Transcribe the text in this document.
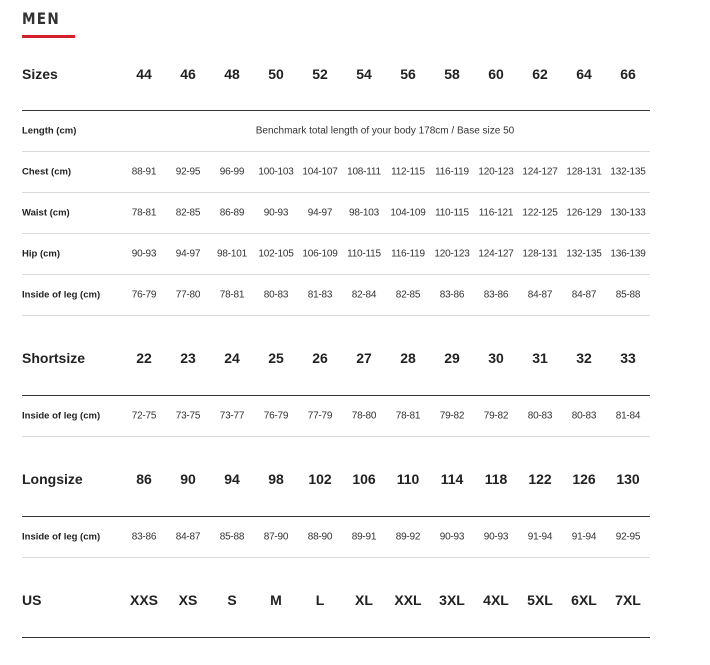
MEN
Sizes	44	46	48	50	52	54	56	58	60	62	64	66
Length (cm)	Benchmark total length of your body 178cm / Base size 50
Chest (cm)	88-91	92-95	96-99	100-103 104-107 108-111	112-115	116-119 120-123 124-127 128-131 132-135
Waist (cm)	78-81	82-85	86-89	90-93	94-97	98-103	104-109 110-115 116-121 122-125 126-129 130-133
Hip (cm)	90-93	94-97	98-101	102-105 106-109 110-115	116-119 120-123 124-127 128-131 132-135 136-139
Inside of leg (cm)	76-79	77-80	78-81	80-83	81-83	82-84	82-85	83-86	83-86	84-87	84-87	85-88
Shortsize	22	23	24	25	26	27	28	29	30	31	32	33
Inside of leg (cm)	72-75	73-75	73-77	76-79	77-79	78-80	78-81	79-82	79-82	80-83	80-83	81-84
Longsize	86	90	94	98	102	106	110	114	118	122	126	130
Inside of leg (cm)	83-86	84-87	85-88	87-90	88-90	89-91	89-92	90-93	90-93	91-94	91-94	92-95
US	XXS	XS	S	M	L	XL	XXL	3XL	4XL	5XL	6XL	7XL
